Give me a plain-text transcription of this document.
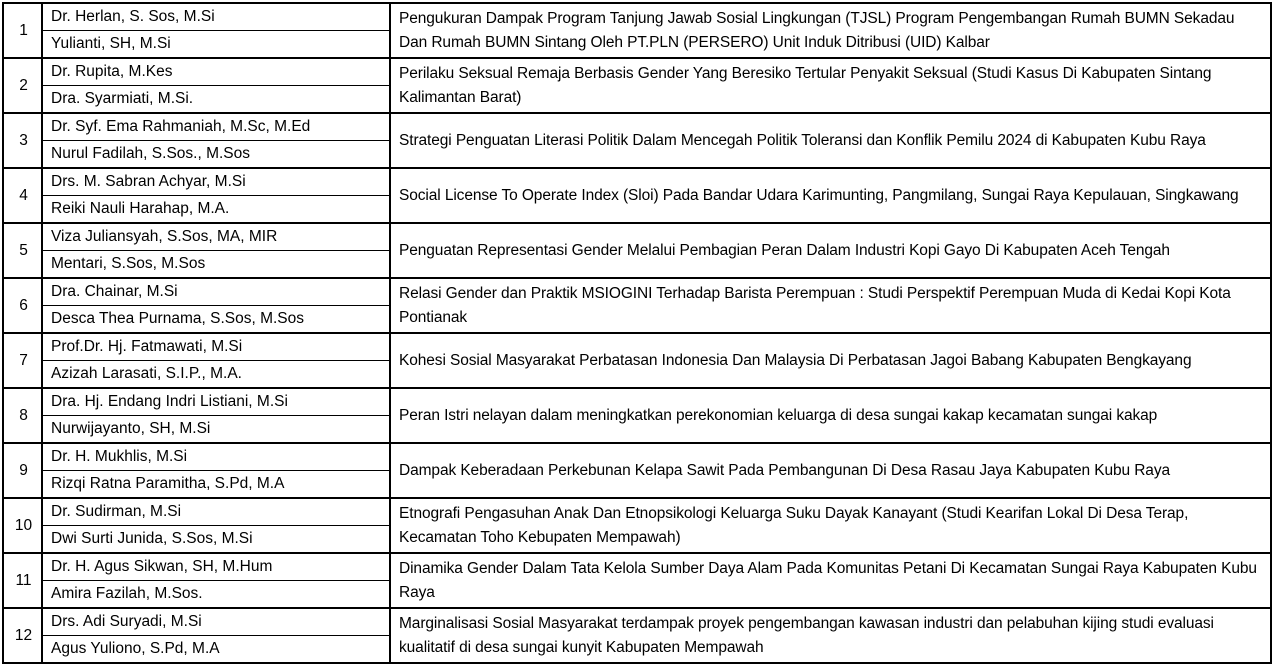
1	Dr. Herlan, S. Sos, M.Si	Pengukuran Dampak Program Tanjung Jawab Sosial Lingkungan (TJSL) Program Pengembangan Rumah BUMN Sekadau Dan Rumah BUMN Sintang Oleh PT.PLN (PERSERO) Unit Induk Ditribusi (UID) Kalbar
	Yulianti, SH, M.Si	
2	Dr. Rupita, M.Kes	Perilaku Seksual Remaja Berbasis Gender Yang Beresiko Tertular Penyakit Seksual (Studi Kasus Di Kabupaten Sintang Kalimantan Barat)
	Dra. Syarmiati, M.Si.	
3	Dr. Syf. Ema Rahmaniah, M.Sc, M.Ed	Strategi Penguatan Literasi Politik Dalam Mencegah Politik Toleransi dan Konflik Pemilu 2024 di Kabupaten Kubu Raya
	Nurul Fadilah, S.Sos., M.Sos	
4	Drs. M. Sabran Achyar, M.Si	Social License To Operate Index (Sloi) Pada Bandar Udara Karimunting, Pangmilang, Sungai Raya Kepulauan, Singkawang
	Reiki Nauli Harahap, M.A.	
5	Viza Juliansyah, S.Sos, MA, MIR	Penguatan Representasi Gender Melalui Pembagian Peran Dalam Industri Kopi Gayo Di Kabupaten Aceh Tengah
	Mentari, S.Sos, M.Sos	
6	Dra. Chainar, M.Si	Relasi Gender dan Praktik MSIOGINI Terhadap Barista Perempuan : Studi Perspektif Perempuan Muda di Kedai Kopi Kota Pontianak
	Desca Thea Purnama, S.Sos, M.Sos	
7	Prof.Dr. Hj. Fatmawati, M.Si	Kohesi Sosial Masyarakat Perbatasan Indonesia Dan Malaysia Di Perbatasan Jagoi Babang Kabupaten Bengkayang
	Azizah Larasati, S.I.P., M.A.	
8	Dra. Hj. Endang Indri Listiani, M.Si	Peran Istri nelayan dalam meningkatkan perekonomian keluarga di desa sungai kakap kecamatan sungai kakap
	Nurwijayanto, SH, M.Si	
9	Dr. H. Mukhlis, M.Si	Dampak Keberadaan Perkebunan Kelapa Sawit Pada Pembangunan Di Desa Rasau Jaya Kabupaten Kubu Raya
	Rizqi Ratna Paramitha, S.Pd, M.A	
10	Dr. Sudirman, M.Si	Etnografi Pengasuhan Anak Dan Etnopsikologi Keluarga Suku Dayak Kanayant (Studi Kearifan Lokal Di Desa Terap, Kecamatan Toho Kebupaten Mempawah)
	Dwi Surti Junida, S.Sos, M.Si	
11	Dr. H. Agus Sikwan, SH, M.Hum	Dinamika Gender Dalam Tata Kelola Sumber Daya Alam Pada Komunitas Petani Di Kecamatan Sungai Raya Kabupaten Kubu Raya
	Amira Fazilah, M.Sos.	
12	Drs. Adi Suryadi, M.Si	Marginalisasi Sosial Masyarakat terdampak proyek pengembangan kawasan industri dan pelabuhan kijing studi evaluasi kualitatif di desa sungai kunyit Kabupaten Mempawah
	Agus Yuliono, S.Pd, M.A	
